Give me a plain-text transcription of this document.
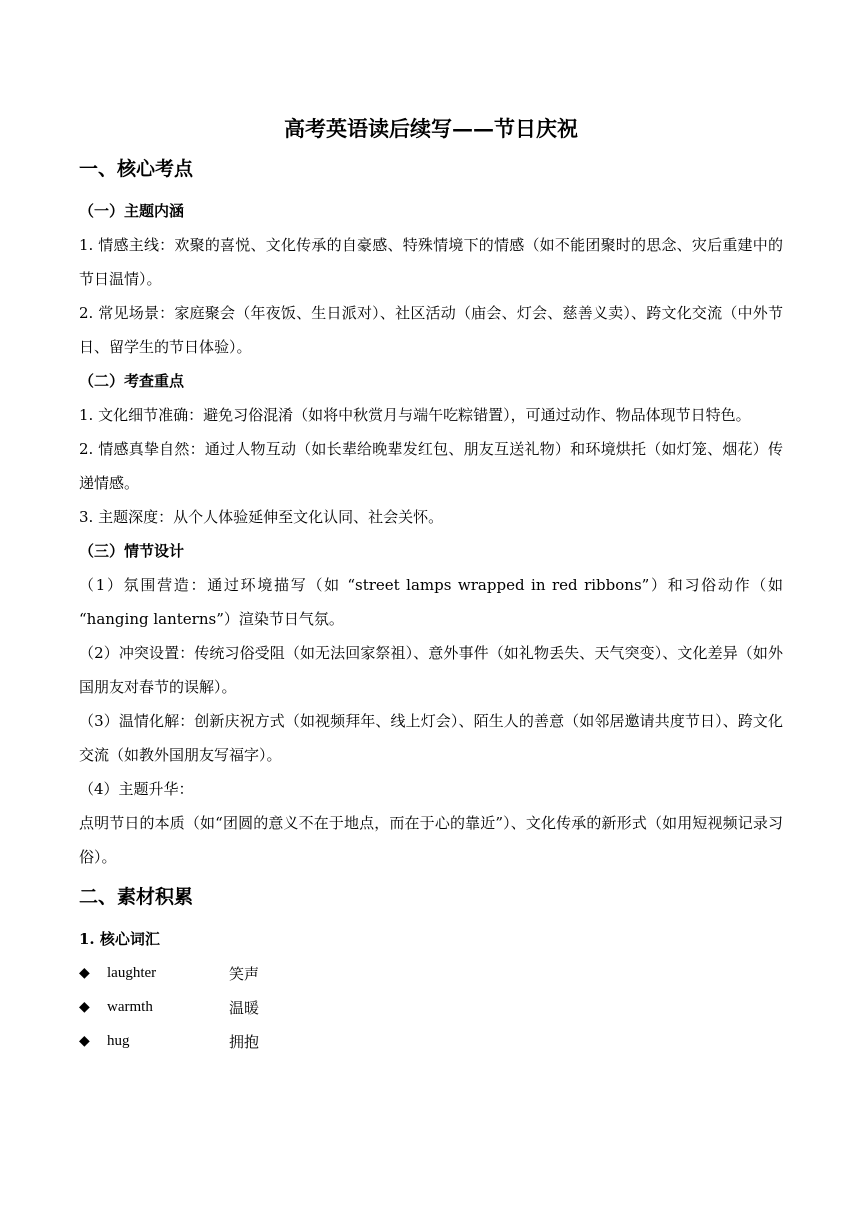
高考英语读后续写——节日庆祝
一、核心考点
（一）主题内涵

1. 情感主线：欢聚的喜悦、文化传承的自豪感、特殊情境下的情感（如不能团聚时的思念、灾后重建中的节日温情）。

2. 常见场景：家庭聚会（年夜饭、生日派对）、社区活动（庙会、灯会、慈善义卖）、跨文化交流（中外节日、留学生的节日体验）。

（二）考查重点

1. 文化细节准确：避免习俗混淆（如将中秋赏月与端午吃粽错置），可通过动作、物品体现节日特色。

2. 情感真挚自然：通过人物互动（如长辈给晚辈发红包、朋友互送礼物）和环境烘托（如灯笼、烟花）传递情感。

3. 主题深度：从个人体验延伸至文化认同、社会关怀。

（三）情节设计

（1）氛围营造：通过环境描写（如 “street lamps wrapped in red ribbons”）和习俗动作（如 “hanging lanterns”）渲染节日气氛。

（2）冲突设置：传统习俗受阻（如无法回家祭祖）、意外事件（如礼物丢失、天气突变）、文化差异（如外国朋友对春节的误解）。

（3）温情化解：创新庆祝方式（如视频拜年、线上灯会）、陌生人的善意（如邻居邀请共度节日）、跨文化交流（如教外国朋友写福字）。

（4）主题升华：

点明节日的本质（如“团圆的意义不在于地点，而在于心的靠近”）、文化传承的新形式（如用短视频记录习俗）。

二、素材积累
1. 核心词汇
◆	laughter	笑声
◆	warmth	温暖
◆	hug	拥抱
